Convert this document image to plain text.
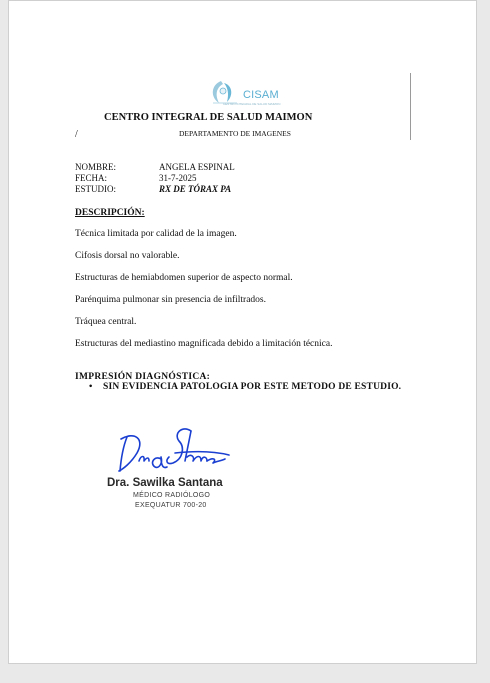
CISAM
CENTRO INTEGRAL DE SALUD MAIMON
CENTRO INTEGRAL DE SALUD MAIMON
/	DEPARTAMENTO DE IMAGENES
NOMBRE:	ANGELA ESPINAL
FECHA:	31-7-2025
ESTUDIO:	RX DE TÓRAX PA
DESCRIPCIÓN:
Técnica limitada por calidad de la imagen.
Cifosis dorsal no valorable.
Estructuras de hemiabdomen superior de aspecto normal.
Parénquima pulmonar sin presencia de infiltrados.
Tráquea central.
Estructuras del mediastino magnificada debido a limitación técnica.
IMPRESIÓN DIAGNÓSTICA:
• SIN EVIDENCIA PATOLOGIA POR ESTE METODO DE ESTUDIO.
Dra. Sawilka Santana
MÉDICO RADIÓLOGO
EXEQUATUR 700-20
